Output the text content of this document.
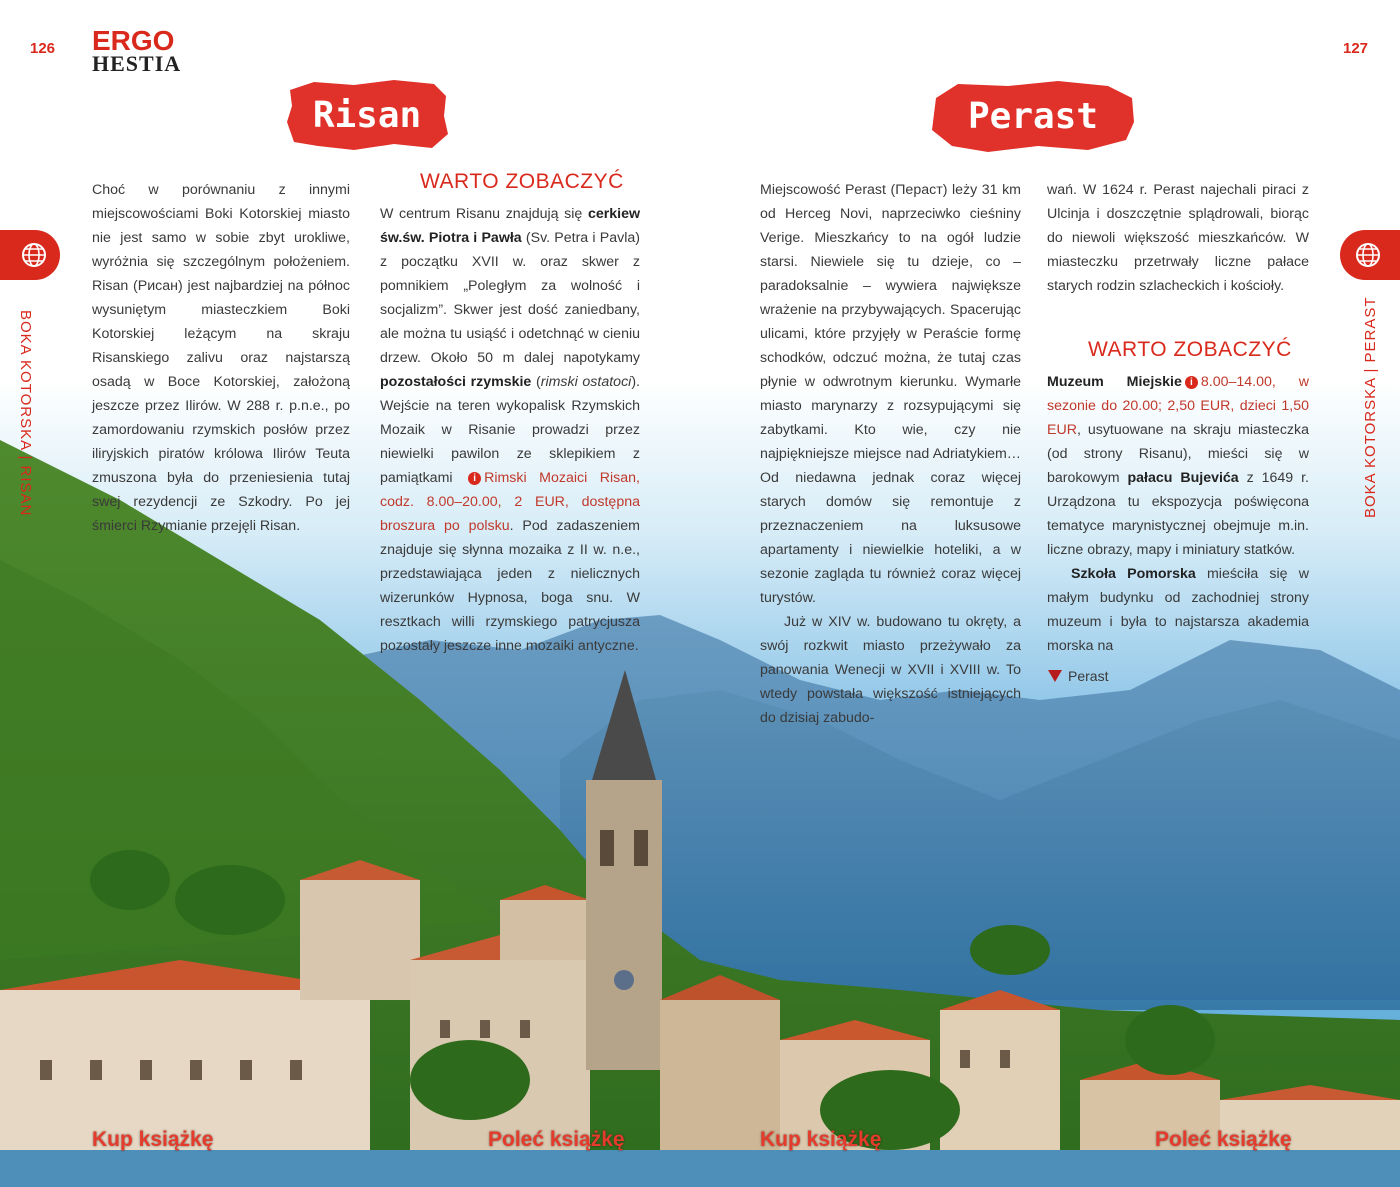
126	127
ERGO
HESTIA
Risan	Perast
BOKA KOTORSKA | RISAN	BOKA KOTORSKA | PERAST

Choć w porównaniu z innymi miejscowościami Boki Kotorskiej miasto nie jest samo w sobie zbyt urokliwe, wyróżnia się szczególnym położeniem. Risan (Рисан) jest najbardziej na północ wysuniętym miasteczkiem Boki Kotorskiej leżącym na skraju Risanskiego zalivu oraz najstarszą osadą w Boce Kotorskiej, założoną jeszcze przez Ilirów. W 288 r. p.n.e., po zamordowaniu rzymskich posłów przez iliryjskich piratów królowa Ilirów Teuta zmuszona była do przeniesienia tutaj swej rezydencji ze Szkodry. Po jej śmierci Rzymianie przejęli Risan.

WARTO ZOBACZYĆ

W centrum Risanu znajdują się cerkiew św.św. Piotra i Pawła (Sv. Petra i Pavla) z początku XVII w. oraz skwer z pomnikiem „Poległym za wolność i socjalizm”. Skwer jest dość zaniedbany, ale można tu usiąść i odetchnąć w cieniu drzew. Około 50 m dalej napotykamy pozostałości rzymskie (rimski ostatoci). Wejście na teren wykopalisk Rzymskich Mozaik w Risanie prowadzi przez niewielki pawilon ze sklepikiem z pamiątkami i Rimski Mozaici Risan, codz. 8.00–20.00, 2 EUR, dostępna broszura po polsku. Pod zadaszeniem znajduje się słynna mozaika z II w. n.e., przedstawiająca jeden z nielicznych wizerunków Hypnosa, boga snu. W resztkach willi rzymskiego patrycjusza pozostały jeszcze inne mozaiki antyczne.

Miejscowość Perast (Пераст) leży 31 km od Herceg Novi, naprzeciwko cieśniny Verige. Mieszkańcy to na ogół ludzie starsi. Niewiele się tu dzieje, co – paradoksalnie – wywiera największe wrażenie na przybywających. Spacerując ulicami, które przyjęły w Peraście formę schodków, odczuć można, że tutaj czas płynie w odwrotnym kierunku. Wymarłe miasto marynarzy z rozsypującymi się zabytkami. Kto wie, czy nie najpiękniejsze miejsce nad Adriatykiem… Od niedawna jednak coraz więcej starych domów się remontuje z przeznaczeniem na luksusowe apartamenty i niewielkie hoteliki, a w sezonie zagląda tu również coraz więcej turystów.

Już w XIV w. budowano tu okręty, a swój rozkwit miasto przeżywało za panowania Wenecji w XVII i XVIII w. To wtedy powstała większość istniejących do dzisiaj zabudo-

wań. W 1624 r. Perast najechali piraci z Ulcinja i doszczętnie splądrowali, biorąc do niewoli większość mieszkańców. W miasteczku przetrwały liczne pałace starych rodzin szlacheckich i kościoły.

WARTO ZOBACZYĆ

Muzeum Miejskie i 8.00–14.00, w sezonie do 20.00; 2,50 EUR, dzieci 1,50 EUR, usytuowane na skraju miasteczka (od strony Risanu), mieści się w barokowym pałacu Bujevića z 1649 r. Urządzona tu ekspozycja poświęcona tematyce marynistycznej obejmuje m.in. liczne obrazy, mapy i miniatury statków.

Szkoła Pomorska mieściła się w małym budynku od zachodniej strony muzeum i była to najstarsza akademia morska na

Perast
Kup książkę	Poleć książkę	Kup książkę	Poleć książkę
